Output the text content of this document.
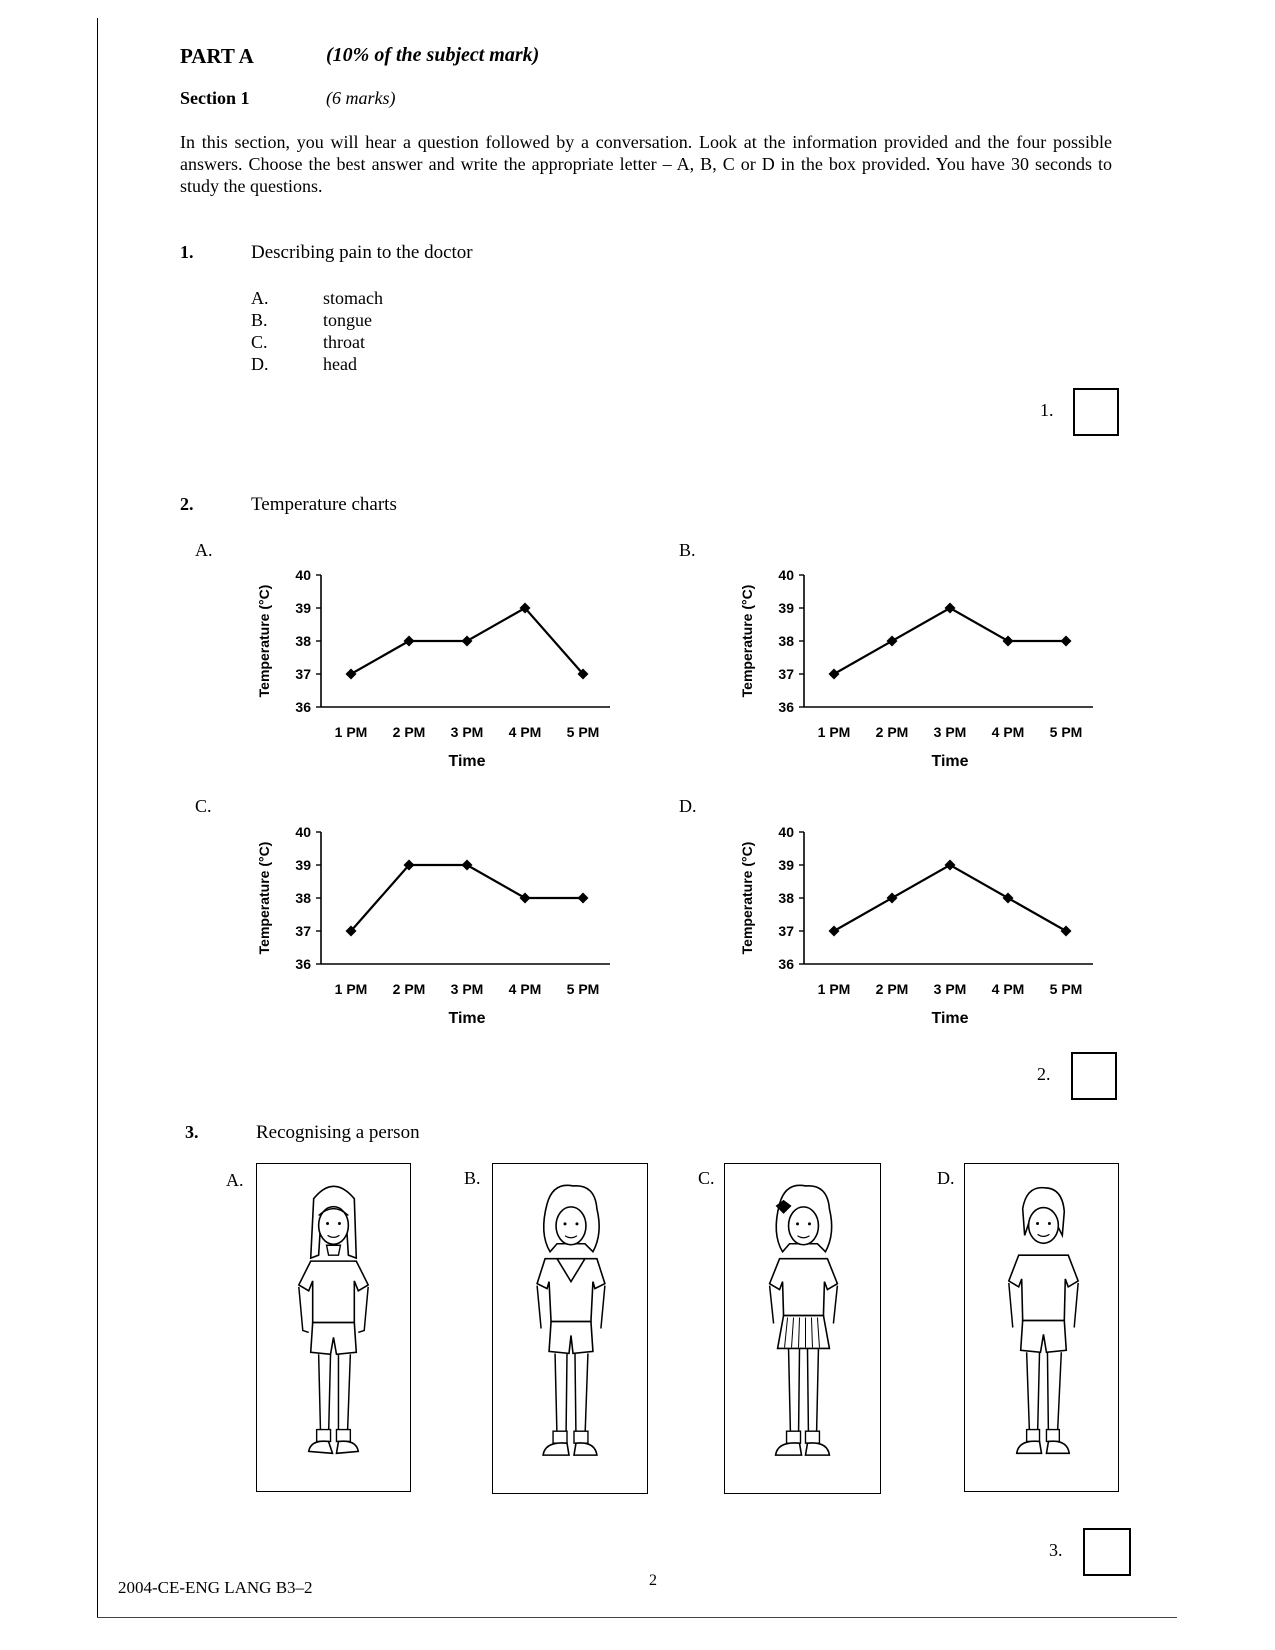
PART A	(10% of the subject mark)
Section 1	(6 marks)
In this section, you will hear a question followed by a conversation. Look at the information provided and the four possible answers. Choose the best answer and write the appropriate letter – A, B, C or D in the box provided. You have 30 seconds to study the questions.
1.	Describing pain to the doctor
A.	stomach
B.	tongue
C.	throat
D.	head
1.
2.	Temperature charts
A.	B.
C.	D.
36
37
38
39
40
Temperature (°C)
1 PM 2 PM 3 PM 4 PM 5 PM
Time
36
37
38
39
40
Temperature (°C)
1 PM 2 PM 3 PM 4 PM 5 PM
Time
36
37
38
39
40
Temperature (°C)
1 PM 2 PM 3 PM 4 PM 5 PM
Time
36
37
38
39
40
Temperature (°C)
1 PM 2 PM 3 PM 4 PM 5 PM
Time
2.
3.	Recognising a person
A.	B.	C.	D.
3.
2004-CE-ENG LANG B3–2	2
